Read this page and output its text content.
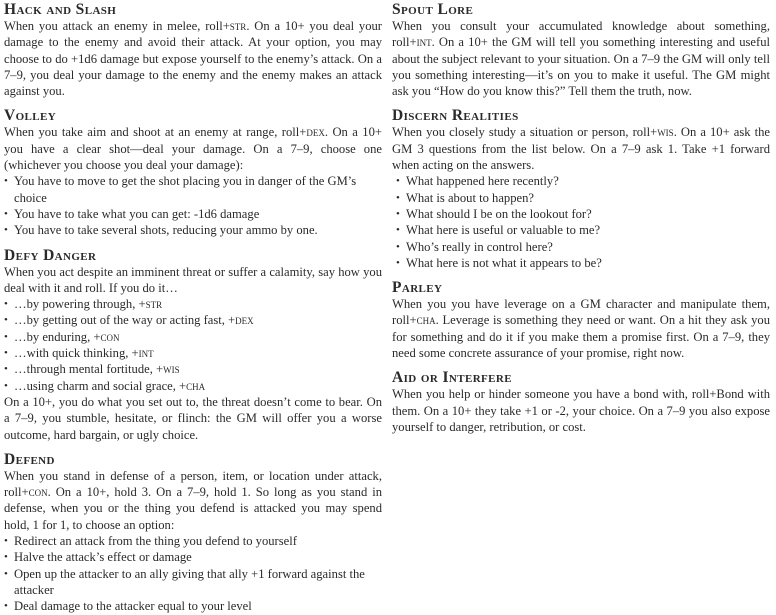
Hack and Slash

When you attack an enemy in melee, roll+str. On a 10+ you deal your damage to the enemy and avoid their attack. At your option, you may choose to do +1d6 damage but expose yourself to the enemy’s attack. On a 7–9, you deal your damage to the enemy and the enemy makes an attack against you.

Volley

When you take aim and shoot at an enemy at range, roll+dex. On a 10+ you have a clear shot—deal your damage. On a 7–9, choose one (whichever you choose you deal your damage):

• You have to move to get the shot placing you in danger of the GM’s choice
• You have to take what you can get: -1d6 damage
• You have to take several shots, reducing your ammo by one.
Defy Danger

When you act despite an imminent threat or suffer a calamity, say how you deal with it and roll. If you do it…

• …by powering through, +str
• …by getting out of the way or acting fast, +dex
• …by enduring, +con
• …with quick thinking, +int
• …through mental fortitude, +wis
• …using charm and social grace, +cha

On a 10+, you do what you set out to, the threat doesn’t come to bear. On a 7–9, you stumble, hesitate, or flinch: the GM will offer you a worse outcome, hard bargain, or ugly choice.

Defend

When you stand in defense of a person, item, or location under attack, roll+con. On a 10+, hold 3. On a 7–9, hold 1. So long as you stand in defense, when you or the thing you defend is attacked you may spend hold, 1 for 1, to choose an option:

• Redirect an attack from the thing you defend to yourself
• Halve the attack’s effect or damage
• Open up the attacker to an ally giving that ally +1 forward against the attacker
• Deal damage to the attacker equal to your level
Spout Lore

When you consult your accumulated knowledge about something, roll+int. On a 10+ the GM will tell you something interesting and useful about the subject relevant to your situation. On a 7–9 the GM will only tell you something interesting—it’s on you to make it useful. The GM might ask you “How do you know this?” Tell them the truth, now.

Discern Realities

When you closely study a situation or person, roll+wis. On a 10+ ask the GM 3 questions from the list below. On a 7–9 ask 1. Take +1 forward when acting on the answers.

• What happened here recently?
• What is about to happen?
• What should I be on the lookout for?
• What here is useful or valuable to me?
• Who’s really in control here?
• What here is not what it appears to be?
Parley

When you you have leverage on a GM character and manipulate them, roll+cha. Leverage is something they need or want. On a hit they ask you for something and do it if you make them a promise first. On a 7–9, they need some concrete assurance of your promise, right now.

Aid or Interfere

When you help or hinder someone you have a bond with, roll+Bond with them. On a 10+ they take +1 or -2, your choice. On a 7–9 you also expose yourself to danger, retribution, or cost.
